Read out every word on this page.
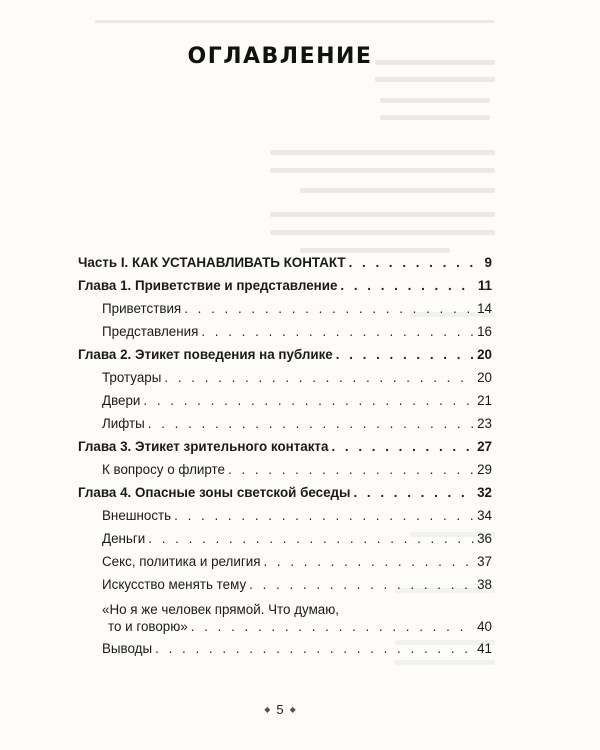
ОГЛАВЛЕНИЕ
Часть I. КАК УСТАНАВЛИВАТЬ КОНТАКТ . . .	9
Глава 1. Приветствие и представление . . .	11
Приветствия . . .	14
Представления . . .	16
Глава 2. Этикет поведения на публике . . .	20
Тротуары . . .	20
Двери . . .	21
Лифты . . .	23
Глава 3. Этикет зрительного контакта . . .	27
К вопросу о флирте . . .	29
Глава 4. Опасные зоны светской беседы . . .	32
Внешность . . .	34
Деньги . . .	36
Секс, политика и религия . . .	37
Искусство менять тему . . .	38
«Но я же человек прямой. Что думаю,
то и говорю» . . .	40
Выводы . . .	41
◆ 5 ◆
